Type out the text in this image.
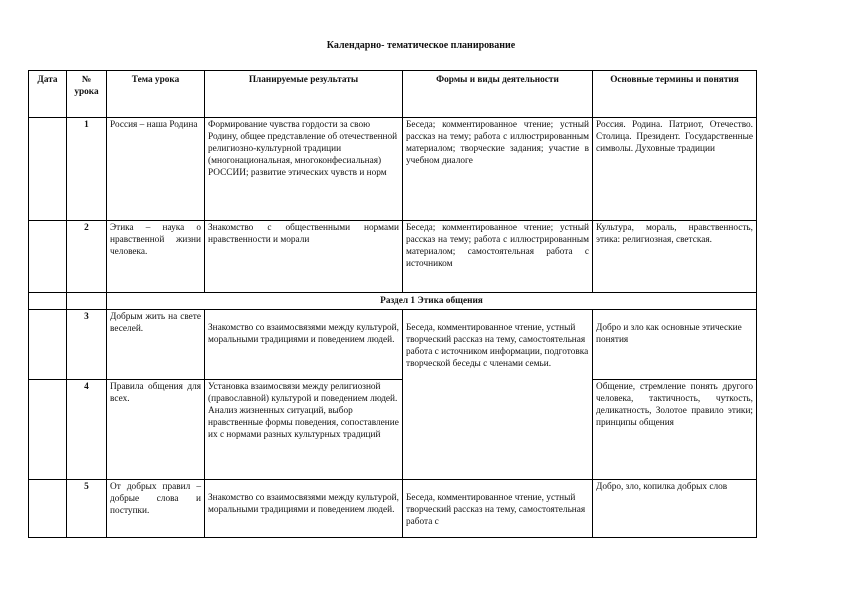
Календарно- тематическое планирование
Дата	№ урока	Тема урока	Планируемые результаты	Формы и виды деятельности	Основные термины и понятия
	1	Россия – наша Родина	Формирование чувства гордости за свою Родину, общее представление об отечественной религиозно-культурной традиции (многонациональная, многоконфесиальная) РОССИИ; развитие этических чувств и норм	Беседа; комментированное чтение; устный рассказ на тему; работа с иллюстрированным материалом; творческие задания; участие в учебном диалоге	Россия. Родина. Патриот, Отечество. Столица. Президент. Государственные символы. Духовные традиции
	2	Этика – наука о нравственной жизни человека.	Знакомство с общественными нормами нравственности и морали	Беседа; комментированное чтение; устный рассказ на тему; работа с иллюстрированным материалом; самостоятельная работа с источником	Культура, мораль, нравственность, этика: религиозная, светская.
		Раздел 1 Этика общения			
	3	Добрым жить на свете веселей.	Знакомство со взаимосвязями между культурой, моральными традициями и поведением людей.	Беседа, комментированное чтение, устный творческий рассказ на тему, самостоятельная работа с источником информации, подготовка творческой беседы с членами семьи.	Добро и зло как основные этические понятия
	4	Правила общения для всех.	Установка взаимосвязи между религиозной (православной) культурой и поведением людей. Анализ жизненных ситуаций, выбор нравственные формы поведения, сопоставление их с нормами разных культурных традиций		Общение, стремление понять другого человека, тактичность, чуткость, деликатность, Золотое правило этики; принципы общения
	5	От добрых правил – добрые слова и поступки.	Знакомство со взаимосвязями между культурой, моральными традициями и поведением людей.	Беседа, комментированное чтение, устный творческий рассказ на тему, самостоятельная работа с	Добро, зло, копилка добрых слов
